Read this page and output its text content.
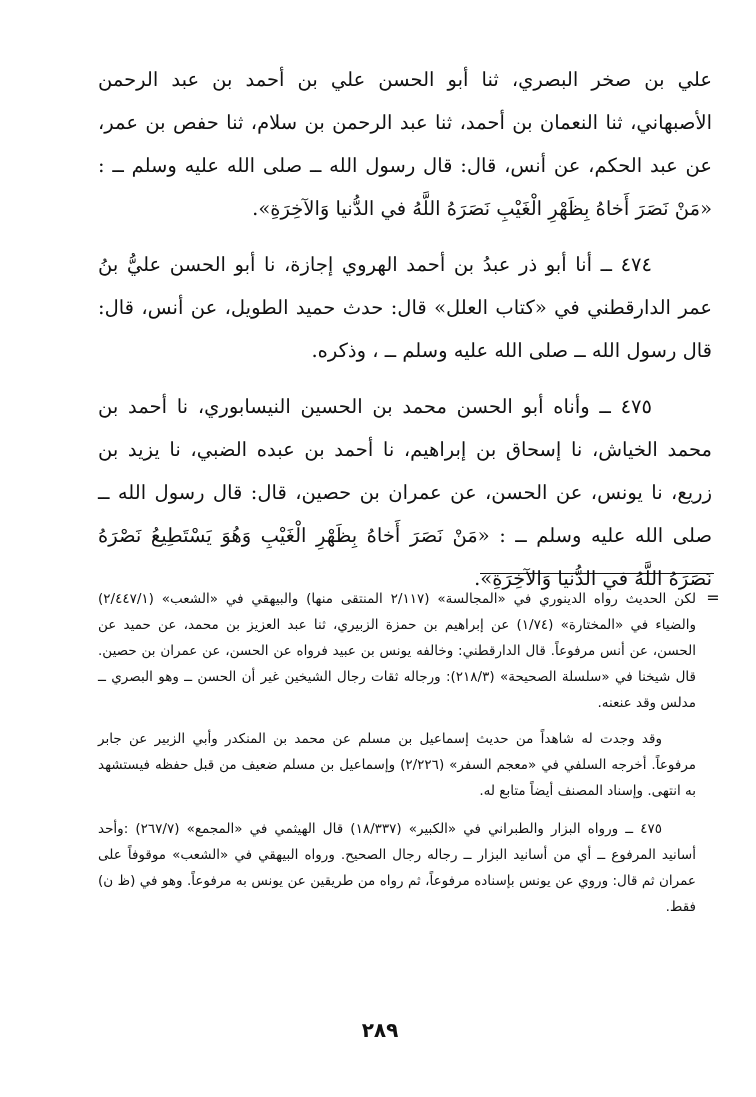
علي بن صخر البصري، ثنا أبو الحسن علي بن أحمد بن عبد الرحمن الأصبهاني، ثنا النعمان بن أحمد، ثنا عبد الرحمن بن سلام، ثنا حفص بن عمر، عن عبد الحكم، عن أنس، قال: قال رسول الله ــ صلى الله عليه وسلم ــ : «مَنْ نَصَرَ أَخاهُ بِظَهْرِ الْغَيْبِ نَصَرَهُ اللَّهُ في الدُّنيا وَالآخِرَةِ».

٤٧٤ ــ أنا أبو ذر عبدُ بن أحمد الهروي إجازة، نا أبو الحسن عليُّ بنُ عمر الدارقطني في «كتاب العلل» قال: حدث حميد الطويل، عن أنس، قال: قال رسول الله ــ صلى الله عليه وسلم ــ ، وذكره.

٤٧٥ ــ وأناه أبو الحسن محمد بن الحسين النيسابوري، نا أحمد بن محمد الخياش، نا إسحاق بن إبراهيم، نا أحمد بن عبده الضبي، نا يزيد بن زريع، نا يونس، عن الحسن، عن عمران بن حصين، قال: قال رسول الله ــ صلى الله عليه وسلم ــ : «مَنْ نَصَرَ أَخاهُ بِظَهْرِ الْغَيْبِ وَهُوَ يَسْتَطِيعُ نَصْرَهُ نَصَرَهُ اللَّهُ في الدُّنيا وَالآخِرَةِ».

=

لكن الحديث رواه الدينوري في «المجالسة» (٢/١١٧ المنتقى منها) والبيهقي في «الشعب» (٢/٤٤٧/١) والضياء في «المختارة» (١/٧٤) عن إبراهيم بن حمزة الزبيري، ثنا عبد العزيز بن محمد، عن حميد عن الحسن، عن أنس مرفوعاً. قال الدارقطني: وخالفه يونس بن عبيد فرواه عن الحسن، عن عمران بن حصين. قال شيخنا في «سلسلة الصحيحة» (٢١٨/٣): ورجاله ثقات رجال الشيخين غير أن الحسن ــ وهو البصري ــ مدلس وقد عنعنه.

وقد وجدت له شاهداً من حديث إسماعيل بن مسلم عن محمد بن المنكدر وأبي الزبير عن جابر مرفوعاً. أخرجه السلفي في «معجم السفر» (٢/٢٢٦) وإسماعيل بن مسلم ضعيف من قبل حفظه فيستشهد به انتهى. وإسناد المصنف أيضاً متابع له.

٤٧٥ ــ ورواه البزار والطبراني في «الكبير» (١٨/٣٣٧) قال الهيثمي في «المجمع» (٢٦٧/٧) :وأحد أسانيد المرفوع ــ أي من أسانيد البزار ــ رجاله رجال الصحيح. ورواه البيهقي في «الشعب» موقوفاً على عمران ثم قال: وروي عن يونس بإسناده مرفوعاً، ثم رواه من طريقين عن يونس به مرفوعاً. وهو في (ظ ن) فقط.

٢٨٩
